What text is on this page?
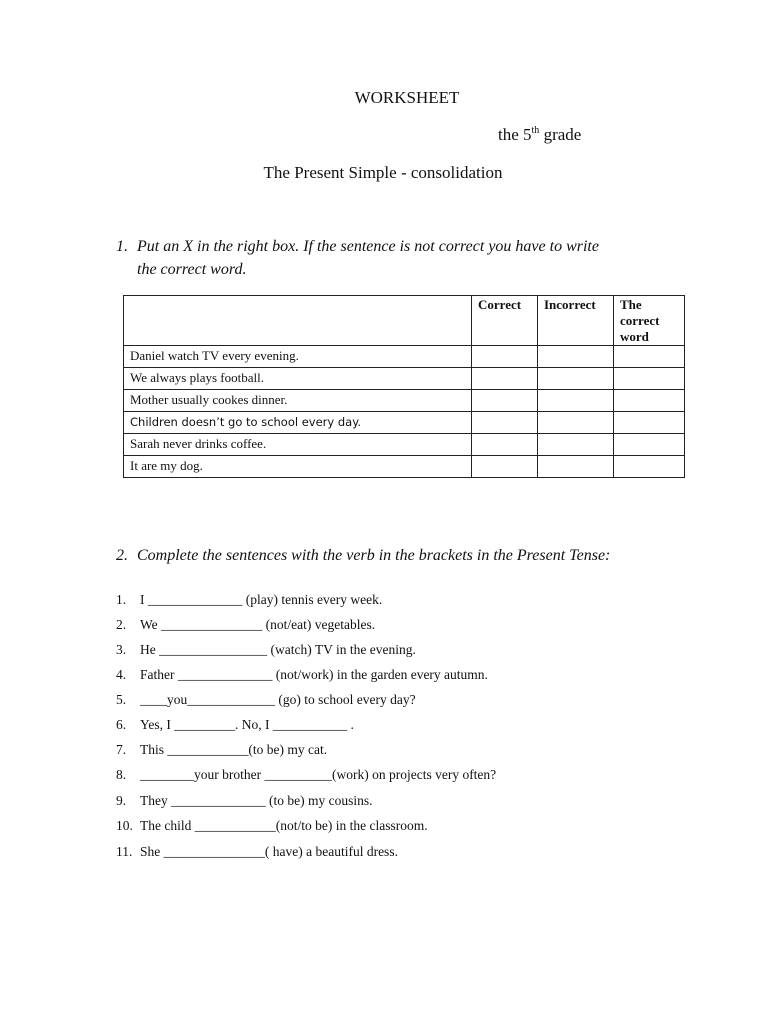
WORKSHEET
the 5th grade
The Present Simple - consolidation
1. Put an X in the right box. If the sentence is not correct you have to write
the correct word.
	Correct	Incorrect	The correct word
Daniel watch TV every evening.			
We always plays football.			
Mother usually cookes dinner.			
Children doesn’t go to school every day.			
Sarah never drinks coffee.			
It are my dog.			
2. Complete the sentences with the verb in the brackets in the Present Tense:
1. I ______________ (play) tennis every week.
2. We _______________ (not/eat) vegetables.
3. He ________________ (watch) TV in the evening.
4. Father ______________ (not/work) in the garden every autumn.
5. ____you_____________ (go) to school every day?
6. Yes, I _________. No, I ___________ .
7. This ____________(to be) my cat.
8. ________your brother __________(work) on projects very often?
9. They ______________ (to be) my cousins.
10. The child ____________(not/to be) in the classroom.
11. She _______________( have) a beautiful dress.
